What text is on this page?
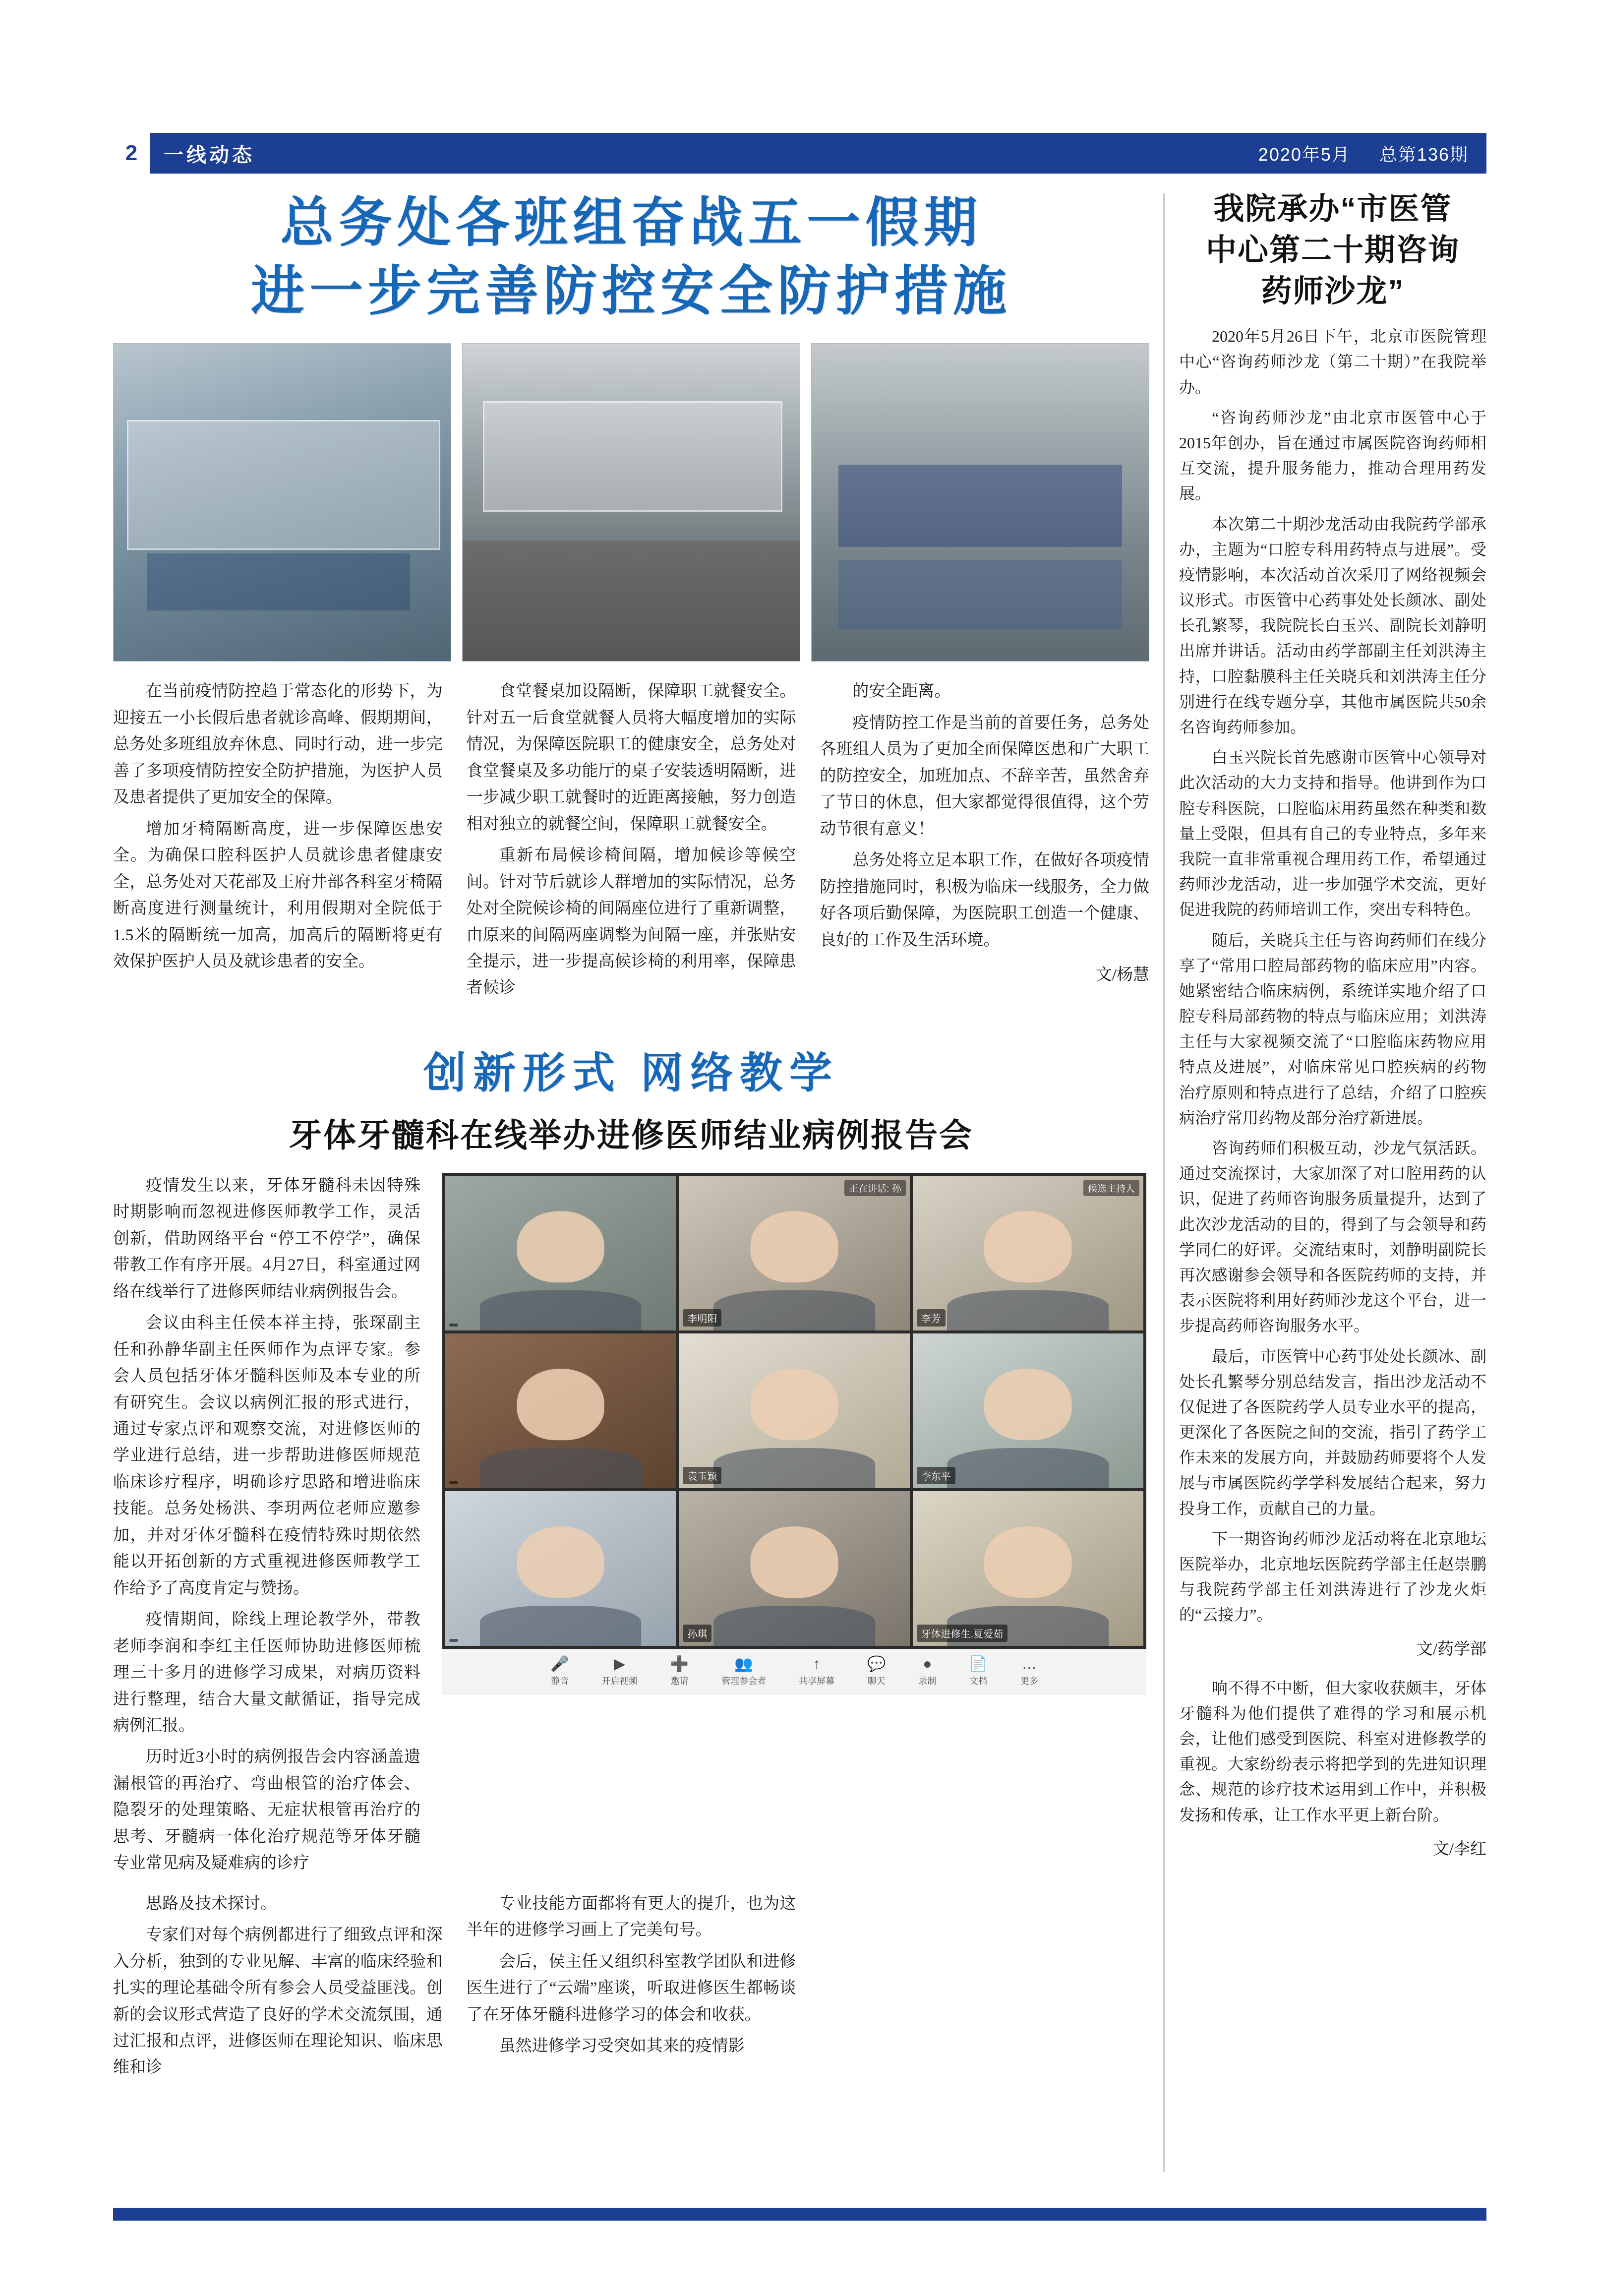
2	一线动态	2020年5月 总第136期
总务处各班组奋战五一假期
进一步完善防控安全防护措施

在当前疫情防控趋于常态化的形势下，为迎接五一小长假后患者就诊高峰、假期期间，总务处多班组放弃休息、同时行动，进一步完善了多项疫情防控安全防护措施，为医护人员及患者提供了更加安全的保障。

增加牙椅隔断高度，进一步保障医患安全。为确保口腔科医护人员就诊患者健康安全，总务处对天花部及王府井部各科室牙椅隔断高度进行测量统计，利用假期对全院低于1.5米的隔断统一加高，加高后的隔断将更有效保护医护人员及就诊患者的安全。

食堂餐桌加设隔断，保障职工就餐安全。针对五一后食堂就餐人员将大幅度增加的实际情况，为保障医院职工的健康安全，总务处对食堂餐桌及多功能厅的桌子安装透明隔断，进一步减少职工就餐时的近距离接触，努力创造相对独立的就餐空间，保障职工就餐安全。

重新布局候诊椅间隔，增加候诊等候空间。针对节后就诊人群增加的实际情况，总务处对全院候诊椅的间隔座位进行了重新调整，由原来的间隔两座调整为间隔一座，并张贴安全提示，进一步提高候诊椅的利用率，保障患者候诊

的安全距离。

疫情防控工作是当前的首要任务，总务处各班组人员为了更加全面保障医患和广大职工的防控安全，加班加点、不辞辛苦，虽然舍弃了节日的休息，但大家都觉得很值得，这个劳动节很有意义！

总务处将立足本职工作，在做好各项疫情防控措施同时，积极为临床一线服务，全力做好各项后勤保障，为医院职工创造一个健康、良好的工作及生活环境。

文/杨慧

创新形式 网络教学
牙体牙髓科在线举办进修医师结业病例报告会

疫情发生以来，牙体牙髓科未因特殊时期影响而忽视进修医师教学工作，灵活创新，借助网络平台 “停工不停学”，确保带教工作有序开展。4月27日，科室通过网络在线举行了进修医师结业病例报告会。

会议由科主任侯本祥主持，张琛副主任和孙静华副主任医师作为点评专家。参会人员包括牙体牙髓科医师及本专业的所有研究生。会议以病例汇报的形式进行，通过专家点评和观察交流，对进修医师的学业进行总结，进一步帮助进修医师规范临床诊疗程序，明确诊疗思路和增进临床技能。总务处杨洪、李玥两位老师应邀参加，并对牙体牙髓科在疫情特殊时期依然能以开拓创新的方式重视进修医师教学工作给予了高度肯定与赞扬。

疫情期间，除线上理论教学外，带教老师李润和李红主任医师协助进修医师梳理三十多月的进修学习成果，对病历资料进行整理，结合大量文献循证，指导完成病例汇报。

历时近3小时的病例报告会内容涵盖遗漏根管的再治疗、弯曲根管的治疗体会、隐裂牙的处理策略、无症状根管再治疗的思考、牙髓病一体化治疗规范等牙体牙髓专业常见病及疑难病的诊疗

正在讲话: 孙
李明阳
候选主持人
李芳
袁玉颖	李东平
孙琪	牙体进修生.夏爱茹
🎤
静音
▶
开启视频
➕
邀请
👥
管理参会者
↑
共享屏幕
💬
聊天
●
录制
📄
文档
…
更多

思路及技术探讨。

专家们对每个病例都进行了细致点评和深入分析，独到的专业见解、丰富的临床经验和扎实的理论基础令所有参会人员受益匪浅。创新的会议形式营造了良好的学术交流氛围，通过汇报和点评，进修医师在理论知识、临床思维和诊

专业技能方面都将有更大的提升，也为这半年的进修学习画上了完美句号。

会后，侯主任又组织科室教学团队和进修医生进行了“云端”座谈，听取进修医生都畅谈了在牙体牙髓科进修学习的体会和收获。

虽然进修学习受突如其来的疫情影

我院承办“市医管
中心第二十期咨询
药师沙龙”

2020年5月26日下午，北京市医院管理中心“咨询药师沙龙（第二十期）”在我院举办。

“咨询药师沙龙”由北京市医管中心于2015年创办，旨在通过市属医院咨询药师相互交流，提升服务能力，推动合理用药发展。

本次第二十期沙龙活动由我院药学部承办，主题为“口腔专科用药特点与进展”。受疫情影响，本次活动首次采用了网络视频会议形式。市医管中心药事处处长颜冰、副处长孔繁琴，我院院长白玉兴、副院长刘静明出席并讲话。活动由药学部副主任刘洪涛主持，口腔黏膜科主任关晓兵和刘洪涛主任分别进行在线专题分享，其他市属医院共50余名咨询药师参加。

白玉兴院长首先感谢市医管中心领导对此次活动的大力支持和指导。他讲到作为口腔专科医院，口腔临床用药虽然在种类和数量上受限，但具有自己的专业特点，多年来我院一直非常重视合理用药工作，希望通过药师沙龙活动，进一步加强学术交流，更好促进我院的药师培训工作，突出专科特色。

随后，关晓兵主任与咨询药师们在线分享了“常用口腔局部药物的临床应用”内容。她紧密结合临床病例，系统详实地介绍了口腔专科局部药物的特点与临床应用；刘洪涛主任与大家视频交流了“口腔临床药物应用特点及进展”，对临床常见口腔疾病的药物治疗原则和特点进行了总结，介绍了口腔疾病治疗常用药物及部分治疗新进展。

咨询药师们积极互动，沙龙气氛活跃。通过交流探讨，大家加深了对口腔用药的认识，促进了药师咨询服务质量提升，达到了此次沙龙活动的目的，得到了与会领导和药学同仁的好评。交流结束时，刘静明副院长再次感谢参会领导和各医院药师的支持，并表示医院将利用好药师沙龙这个平台，进一步提高药师咨询服务水平。

最后，市医管中心药事处处长颜冰、副处长孔繁琴分别总结发言，指出沙龙活动不仅促进了各医院药学人员专业水平的提高，更深化了各医院之间的交流，指引了药学工作未来的发展方向，并鼓励药师要将个人发展与市属医院药学学科发展结合起来，努力投身工作，贡献自己的力量。

下一期咨询药师沙龙活动将在北京地坛医院举办，北京地坛医院药学部主任赵崇鹏与我院药学部主任刘洪涛进行了沙龙火炬的“云接力”。

文/药学部

响不得不中断，但大家收获颇丰，牙体牙髓科为他们提供了难得的学习和展示机会，让他们感受到医院、科室对进修教学的重视。大家纷纷表示将把学到的先进知识理念、规范的诊疗技术运用到工作中，并积极发扬和传承，让工作水平更上新台阶。

文/李红
